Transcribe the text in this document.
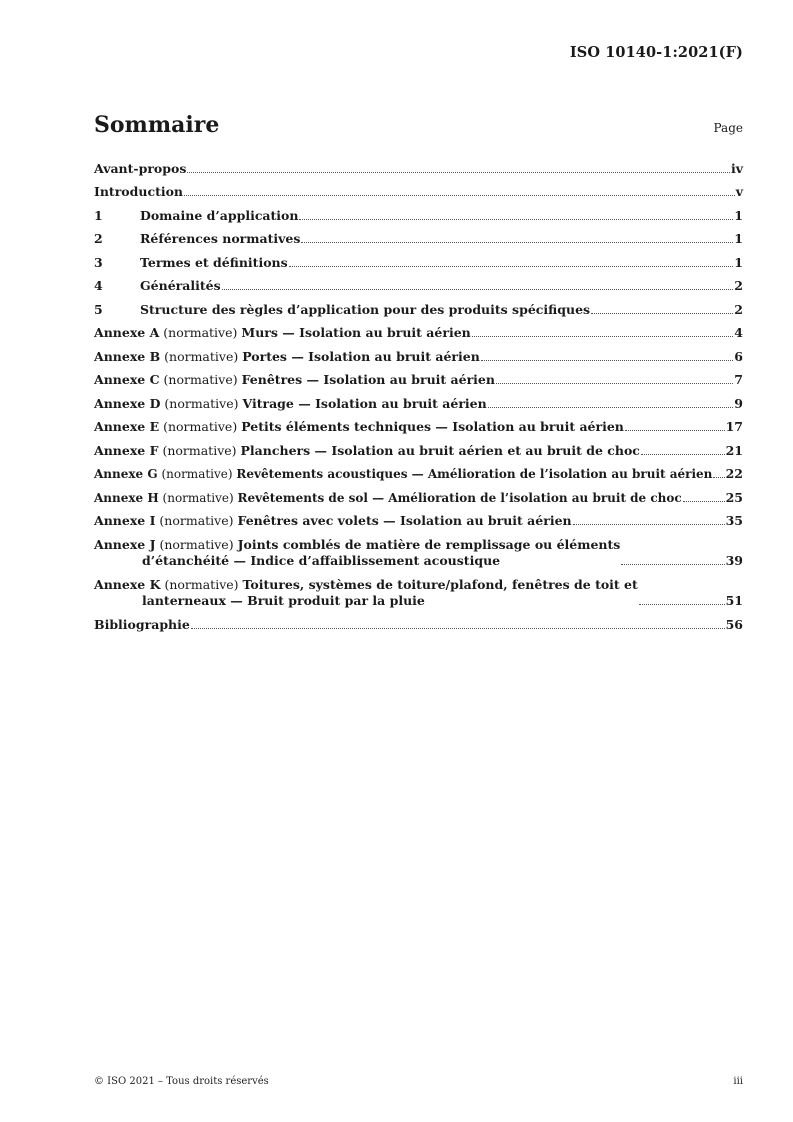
ISO 10140-1:2021(F)
Sommaire	Page
Avant-propos	iv
Introduction	v
1	Domaine d’application	1
2	Références normatives	1
3	Termes et définitions	1
4	Généralités	2
5	Structure des règles d’application pour des produits spécifiques	2
Annexe A (normative) Murs — Isolation au bruit aérien	4
Annexe B (normative) Portes — Isolation au bruit aérien	6
Annexe C (normative) Fenêtres — Isolation au bruit aérien	7
Annexe D (normative) Vitrage — Isolation au bruit aérien	9
Annexe E (normative) Petits éléments techniques — Isolation au bruit aérien	17
Annexe F (normative) Planchers — Isolation au bruit aérien et au bruit de choc	21
Annexe G (normative) Revêtements acoustiques — Amélioration de l’isolation au bruit aérien 22
Annexe H (normative) Revêtements de sol — Amélioration de l’isolation au bruit de choc	25
Annexe I (normative) Fenêtres avec volets — Isolation au bruit aérien	35
Annexe J (normative) Joints comblés de matière de remplissage ou éléments
d’étanchéité — Indice d’affaiblissement acoustique	39
Annexe K (normative) Toitures, systèmes de toiture/plafond, fenêtres de toit et
lanterneaux — Bruit produit par la pluie	51
Bibliographie	56
© ISO 2021 – Tous droits réservés	iii
